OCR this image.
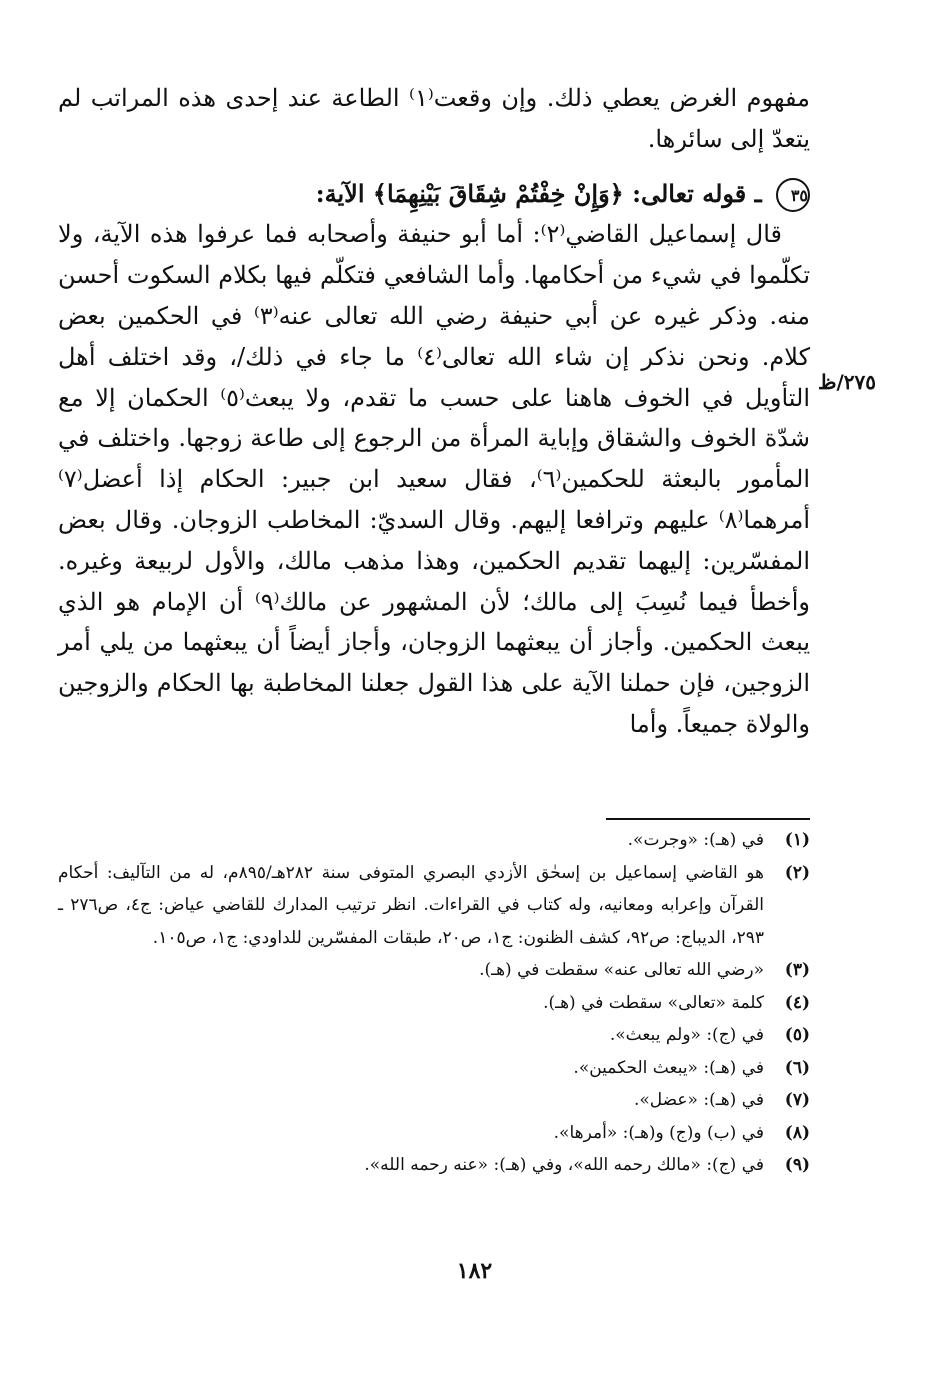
مفهوم الغرض يعطي ذلك. وإن وقعت⁽١⁾ الطاعة عند إحدى هذه المراتب لم يتعدّ إلى سائرها.

٣٥ ـ قوله تعالى: ﴿وَإِنْ خِفْتُمْ شِقَاقَ بَيْنِهِمَا﴾ الآية:

قال إسماعيل القاضي⁽٢⁾: أما أبو حنيفة وأصحابه فما عرفوا هذه الآية، ولا تكلّموا في شيء من أحكامها. وأما الشافعي فتكلّم فيها بكلام السكوت أحسن منه. وذكر غيره عن أبي حنيفة رضي الله تعالى عنه⁽٣⁾ في الحكمين بعض كلام. ونحن نذكر إن شاء الله تعالى⁽٤⁾ ما جاء في ذلك/، وقد اختلف أهل التأويل في الخوف هاهنا على حسب ما تقدم، ولا يبعث⁽٥⁾ الحكمان إلا مع شدّة الخوف والشقاق وإباية المرأة من الرجوع إلى طاعة زوجها. واختلف في المأمور بالبعثة للحكمين⁽٦⁾، فقال سعيد ابن جبير: الحكام إذا أعضل⁽٧⁾ أمرهما⁽٨⁾ عليهم وترافعا إليهم. وقال السديّ: المخاطب الزوجان. وقال بعض المفسّرين: إليهما تقديم الحكمين، وهذا مذهب مالك، والأول لربيعة وغيره. وأخطأ فيما نُسِبَ إلى مالك؛ لأن المشهور عن مالك⁽٩⁾ أن الإمام هو الذي يبعث الحكمين. وأجاز أن يبعثهما الزوجان، وأجاز أيضاً أن يبعثهما من يلي أمر الزوجين، فإن حملنا الآية على هذا القول جعلنا المخاطبة بها الحكام والزوجين والولاة جميعاً. وأما

٢٧٥/ظ
(١)
في (هـ): «وجرت».
(٢)
هو القاضي إسماعيل بن إسحٰق الأزدي البصري المتوفى سنة ٢٨٢هـ/٨٩٥م، له من التآليف: أحكام القرآن وإعرابه ومعانيه، وله كتاب في القراءات. انظر ترتيب المدارك للقاضي عياض: ج٤، ص٢٧٦ ـ ٢٩٣، الديباج: ص٩٢، كشف الظنون: ج١، ص٢٠، طبقات المفسّرين للداودي: ج١، ص١٠٥.
(٣)
«رضي الله تعالى عنه» سقطت في (هـ).
(٤)
كلمة «تعالى» سقطت في (هـ).
(٥)
في (ج): «ولم يبعث».
(٦)
في (هـ): «يبعث الحكمين».
(٧)
في (هـ): «عضل».
(٨)
في (ب) و(ج) و(هـ): «أمرها».
(٩)
في (ج): «مالك رحمه الله»، وفي (هـ): «عنه رحمه الله».
١٨٢
